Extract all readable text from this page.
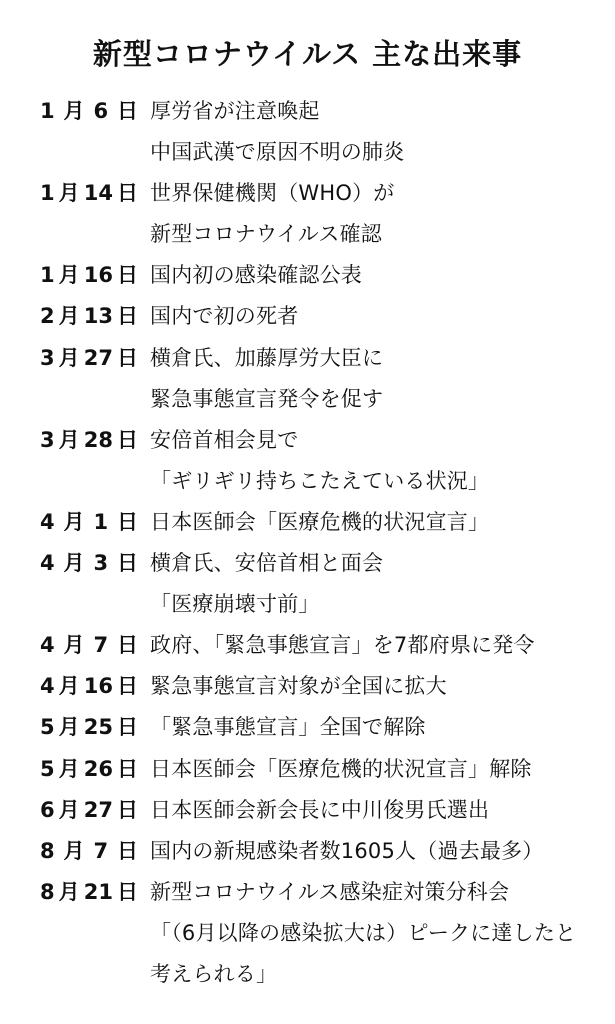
新型コロナウイルス 主な出来事
1月6日 厚労省が注意喚起
中国武漢で原因不明の肺炎
1月14日 世界保健機関（WHO）が
新型コロナウイルス確認
1月16日 国内初の感染確認公表
2月13日 国内で初の死者
3月27日 横倉氏、加藤厚労大臣に
緊急事態宣言発令を促す
3月28日 安倍首相会見で
「ギリギリ持ちこたえている状況」
4月1日 日本医師会「医療危機的状況宣言」
4月3日 横倉氏、安倍首相と面会
「医療崩壊寸前」
4月7日 政府、「緊急事態宣言」を7都府県に発令
4月16日 緊急事態宣言対象が全国に拡大
5月25日 「緊急事態宣言」全国で解除
5月26日 日本医師会「医療危機的状況宣言」解除
6月27日 日本医師会新会長に中川俊男氏選出
8月7日 国内の新規感染者数1605人（過去最多）
8月21日 新型コロナウイルス感染症対策分科会
「（6月以降の感染拡大は）ピークに達したと
考えられる」
